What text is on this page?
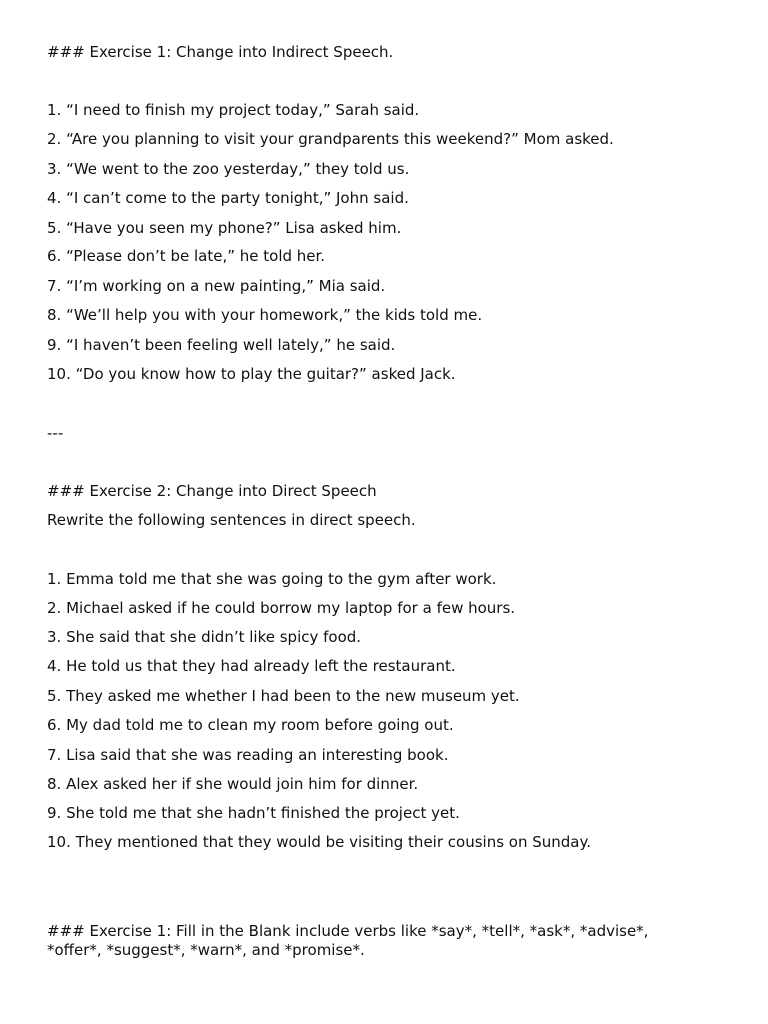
### Exercise 1: Change into Indirect Speech.
1. “I need to finish my project today,” Sarah said.
2. “Are you planning to visit your grandparents this weekend?” Mom asked.
3. “We went to the zoo yesterday,” they told us.
4. “I can’t come to the party tonight,” John said.
5. “Have you seen my phone?” Lisa asked him.
6. “Please don’t be late,” he told her.
7. “I’m working on a new painting,” Mia said.
8. “We’ll help you with your homework,” the kids told me.
9. “I haven’t been feeling well lately,” he said.
10. “Do you know how to play the guitar?” asked Jack.
---
### Exercise 2: Change into Direct Speech
Rewrite the following sentences in direct speech.
1. Emma told me that she was going to the gym after work.
2. Michael asked if he could borrow my laptop for a few hours.
3. She said that she didn’t like spicy food.
4. He told us that they had already left the restaurant.
5. They asked me whether I had been to the new museum yet.
6. My dad told me to clean my room before going out.
7. Lisa said that she was reading an interesting book.
8. Alex asked her if she would join him for dinner.
9. She told me that she hadn’t finished the project yet.
10. They mentioned that they would be visiting their cousins on Sunday.
### Exercise 1: Fill in the Blank include verbs like *say*, *tell*, *ask*, *advise*, *offer*, *suggest*, *warn*, and *promise*.
